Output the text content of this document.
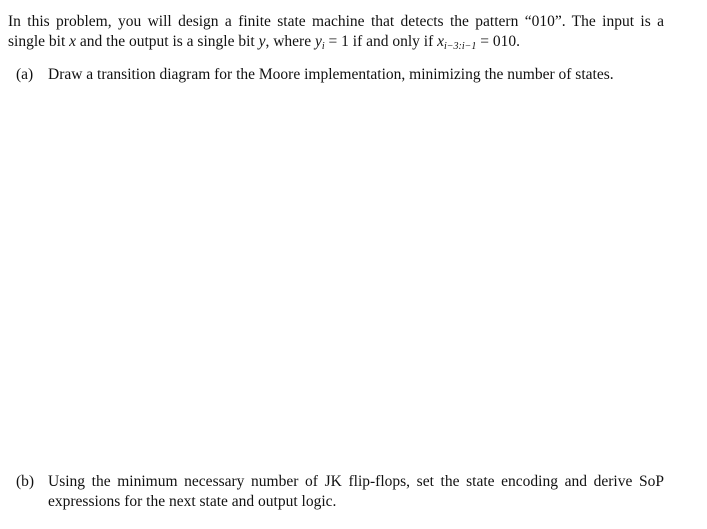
In this problem, you will design a finite state machine that detects the pattern “010”. The input is a
single bit x and the output is a single bit y, where $y_i = 1$ if and only if $x_{i-3:i-1} = 010$.
(a) Draw a transition diagram for the Moore implementation, minimizing the number of states.
(b) Using the minimum necessary number of JK flip-flops, set the state encoding and derive SoP
expressions for the next state and output logic.
